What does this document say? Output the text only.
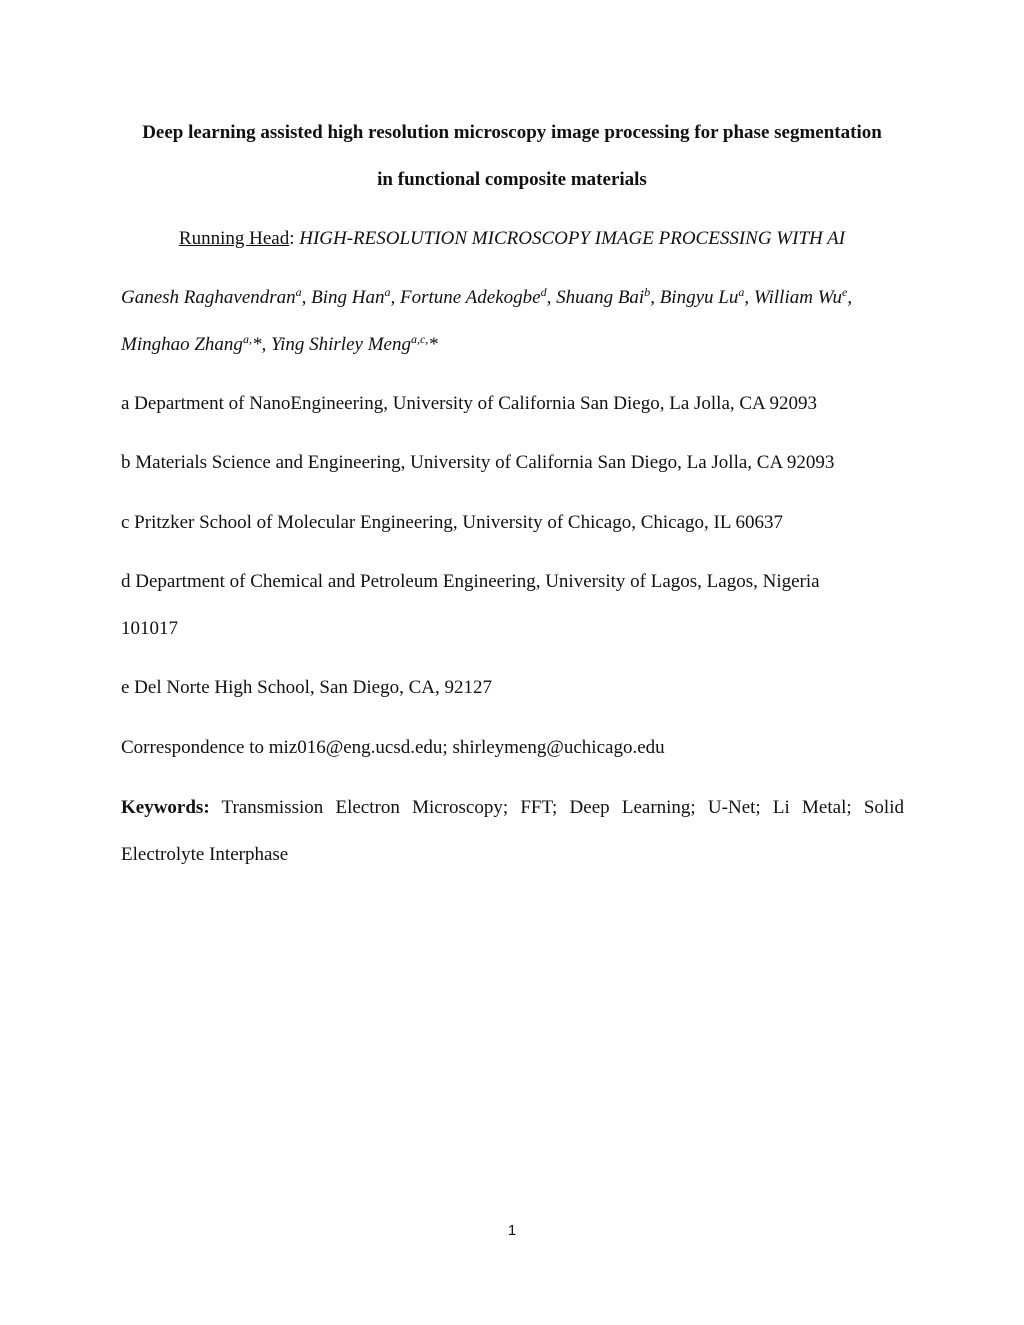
Deep learning assisted high resolution microscopy image processing for phase segmentation
in functional composite materials
Running Head: HIGH-RESOLUTION MICROSCOPY IMAGE PROCESSING WITH AI
Ganesh Raghavendran$^a$, Bing Han$^a$, Fortune Adekogbe$^d$, Shuang Bai$^b$, Bingyu Lu$^a$, William Wu$^e$,
Minghao Zhang$^{a,}$*, Ying Shirley Meng$^{a,c,}$*
a Department of NanoEngineering, University of California San Diego, La Jolla, CA 92093
b Materials Science and Engineering, University of California San Diego, La Jolla, CA 92093
c Pritzker School of Molecular Engineering, University of Chicago, Chicago, IL 60637
d Department of Chemical and Petroleum Engineering, University of Lagos, Lagos, Nigeria
101017
e Del Norte High School, San Diego, CA, 92127
Correspondence to miz016@eng.ucsd.edu; shirleymeng@uchicago.edu
Keywords: Transmission Electron Microscopy; FFT; Deep Learning; U-Net; Li Metal; Solid
Electrolyte Interphase
1
